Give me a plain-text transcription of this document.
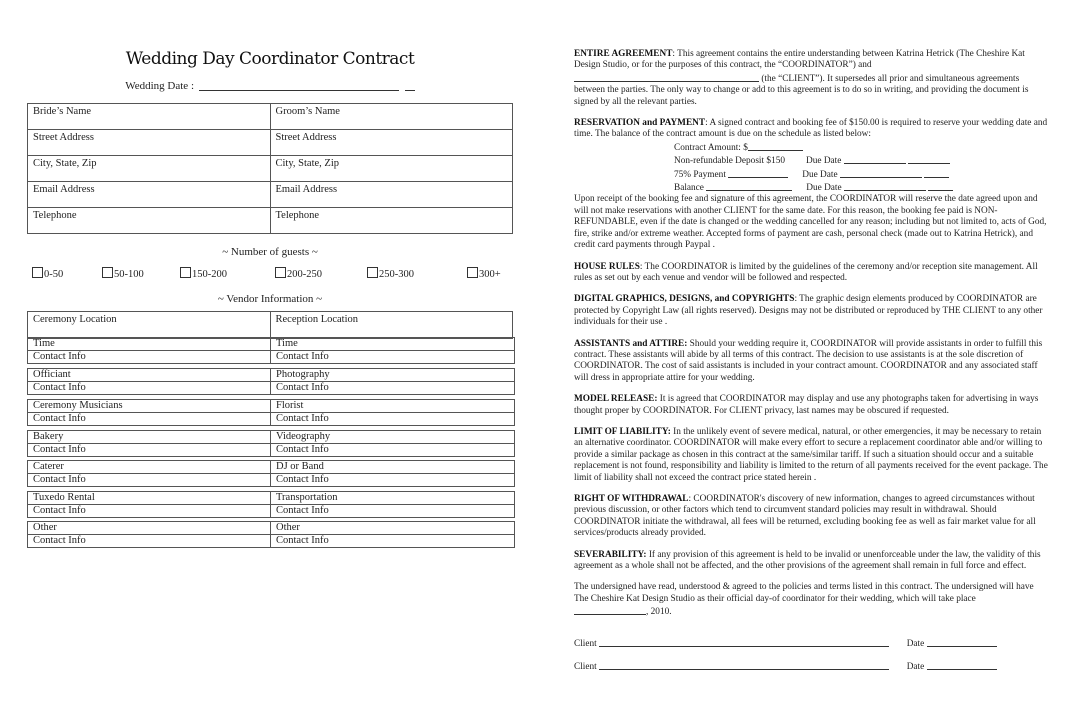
Wedding Day Coordinator Contract
Wedding Date :
Bride’s Name	Groom’s Name
Street Address	Street Address
City, State, Zip	City, State, Zip
Email Address	Email Address
Telephone	Telephone
~ Number of guests ~
0-50	50-100	150-200	200-250	250-300	300+
~ Vendor Information ~
Ceremony Location	Reception Location
Time	Time
Contact Info	Contact Info
Officiant	Photography
Contact Info	Contact Info
Ceremony Musicians	Florist
Contact Info	Contact Info
Bakery	Videography
Contact Info	Contact Info
Caterer	DJ or Band
Contact Info	Contact Info
Tuxedo Rental	Transportation
Contact Info	Contact Info
Other	Other
Contact Info	Contact Info

ENTIRE AGREEMENT: This agreement contains the entire understanding between Katrina Hetrick (The Cheshire Kat Design Studio, or for the purposes of this contract, the “COORDINATOR”) and  (the “CLIENT”). It supersedes all prior and simultaneous agreements between the parties. The only way to change or add to this agreement is to do so in writing, and providing the document is signed by all the relevant parties.

RESERVATION and PAYMENT: A signed contract and booking fee of $150.00 is required to reserve your wedding date and time. The balance of the contract amount is due on the schedule as listed below:
Contract Amount: $
Non-refundable Deposit $150 Due Date
75% Payment	Due Date
Balance	Due Date
Upon receipt of the booking fee and signature of this agreement, the COORDINATOR will reserve the date agreed upon and will not make reservations with another CLIENT for the same date. For this reason, the booking fee paid is NON-REFUNDABLE, even if the date is changed or the wedding cancelled for any reason; including but not limited to, acts of God, fire, strike and/or extreme weather. Accepted forms of payment are cash, personal check (made out to Katrina Hetrick), and credit card payments through Paypal .

HOUSE RULES: The COORDINATOR is limited by the guidelines of the ceremony and/or reception site management. All rules as set out by each venue and vendor will be followed and respected.

DIGITAL GRAPHICS, DESIGNS, and COPYRIGHTS: The graphic design elements produced by COORDINATOR are protected by Copyright Law (all rights reserved). Designs may not be distributed or reproduced by THE CLIENT to any other individuals for their use .

ASSISTANTS and ATTIRE: Should your wedding require it, COORDINATOR will provide assistants in order to fulfill this contract. These assistants will abide by all terms of this contract. The decision to use assistants is at the sole discretion of COORDINATOR. The cost of said assistants is included in your contract amount. COORDINATOR and any associated staff will dress in appropriate attire for your wedding.

MODEL RELEASE: It is agreed that COORDINATOR may display and use any photographs taken for advertising in ways thought proper by COORDINATOR. For CLIENT privacy, last names may be obscured if requested.

LIMIT OF LIABILITY: In the unlikely event of severe medical, natural, or other emergencies, it may be necessary to retain an alternative coordinator. COORDINATOR will make every effort to secure a replacement coordinator able and/or willing to provide a similar package as chosen in this contract at the same/similar tariff. If such a situation should occur and a suitable replacement is not found, responsibility and liability is limited to the return of all payments received for the event package. The limit of liability shall not exceed the contract price stated herein .

RIGHT OF WITHDRAWAL: COORDINATOR's discovery of new information, changes to agreed circumstances without previous discussion, or other factors which tend to circumvent standard policies may result in withdrawal. Should COORDINATOR initiate the withdrawal, all fees will be returned, excluding booking fee as well as fair market value for all services/products already provided.

SEVERABILITY: If any provision of this agreement is held to be invalid or unenforceable under the law, the validity of this agreement as a whole shall not be affected, and the other provisions of the agreement shall remain in full force and effect.

The undersigned have read, understood & agreed to the policies and terms listed in this contract. The undersigned will have The Cheshire Kat Design Studio as their official day-of coordinator for their wedding, which will take place , 2010.

Client	Date
Client	Date
